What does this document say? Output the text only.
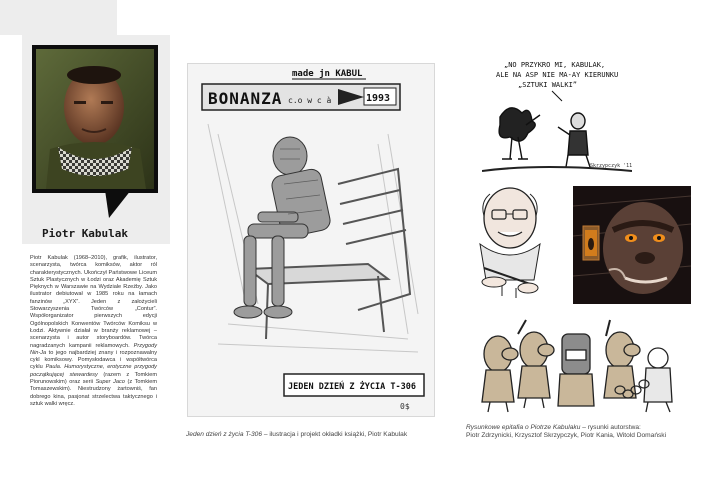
Piotr Kabulak
Piotr Kabulak (1968–2010), grafik, ilustrator, scenarzysta, twórca komiksów, aktor ról charakterystycznych. Ukończył Państwowe Liceum Sztuk Plastycznych w Łodzi oraz Akademię Sztuk Pięknych w Warszawie na Wydziale Rzeźby. Jako ilustrator debiutował w 1985 roku na łamach fanzinów „XYX”. Jeden z założycieli Stowarzyszenia Twórców „Contur”. Współorganizator pierwszych edycji Ogólnopolskich Konwentów Twórców Komiksu w Łodzi. Aktywnie działał w branży reklamowej – scenarzysta i autor storyboardów. Twórca nagradzanych kampanii reklamowych. Przygody Nin-Ja to jego najbardziej znany i rozpoznawalny cykl komiksowy. Pomysłodawca i współtwórca cyklu Paula. Humorystyczne, erotyczne przygody początkującej stewardesy (razem z Tomkiem Piorunowskim) oraz serii Super Jaco (z Tomkiem Tomaszewskim). Niestrudzony żartowniś, fan dobrego kina, pasjonat strzelectwa taktycznego i sztuk walki wręcz.
made jn KABUL
BONANZA c.o w c à	1993
JEDEN DZIEŃ Z ŻYCIA T-306
0$
Jeden dzień z życia T-306 – ilustracja i projekt okładki książki, Piotr Kabulak
„NO PRZYKRO MI, KABULAK,
ALE NA ASP NIE MA-AY KIERUNKU
„SZTUKI WALKI”
Skrzypczyk '11
Rysunkowe epitafia o Piotrze Kabulaku – rysunki autorstwa:
Piotr Zdrzynicki, Krzysztof Skrzypczyk, Piotr Kania, Witold Domański
